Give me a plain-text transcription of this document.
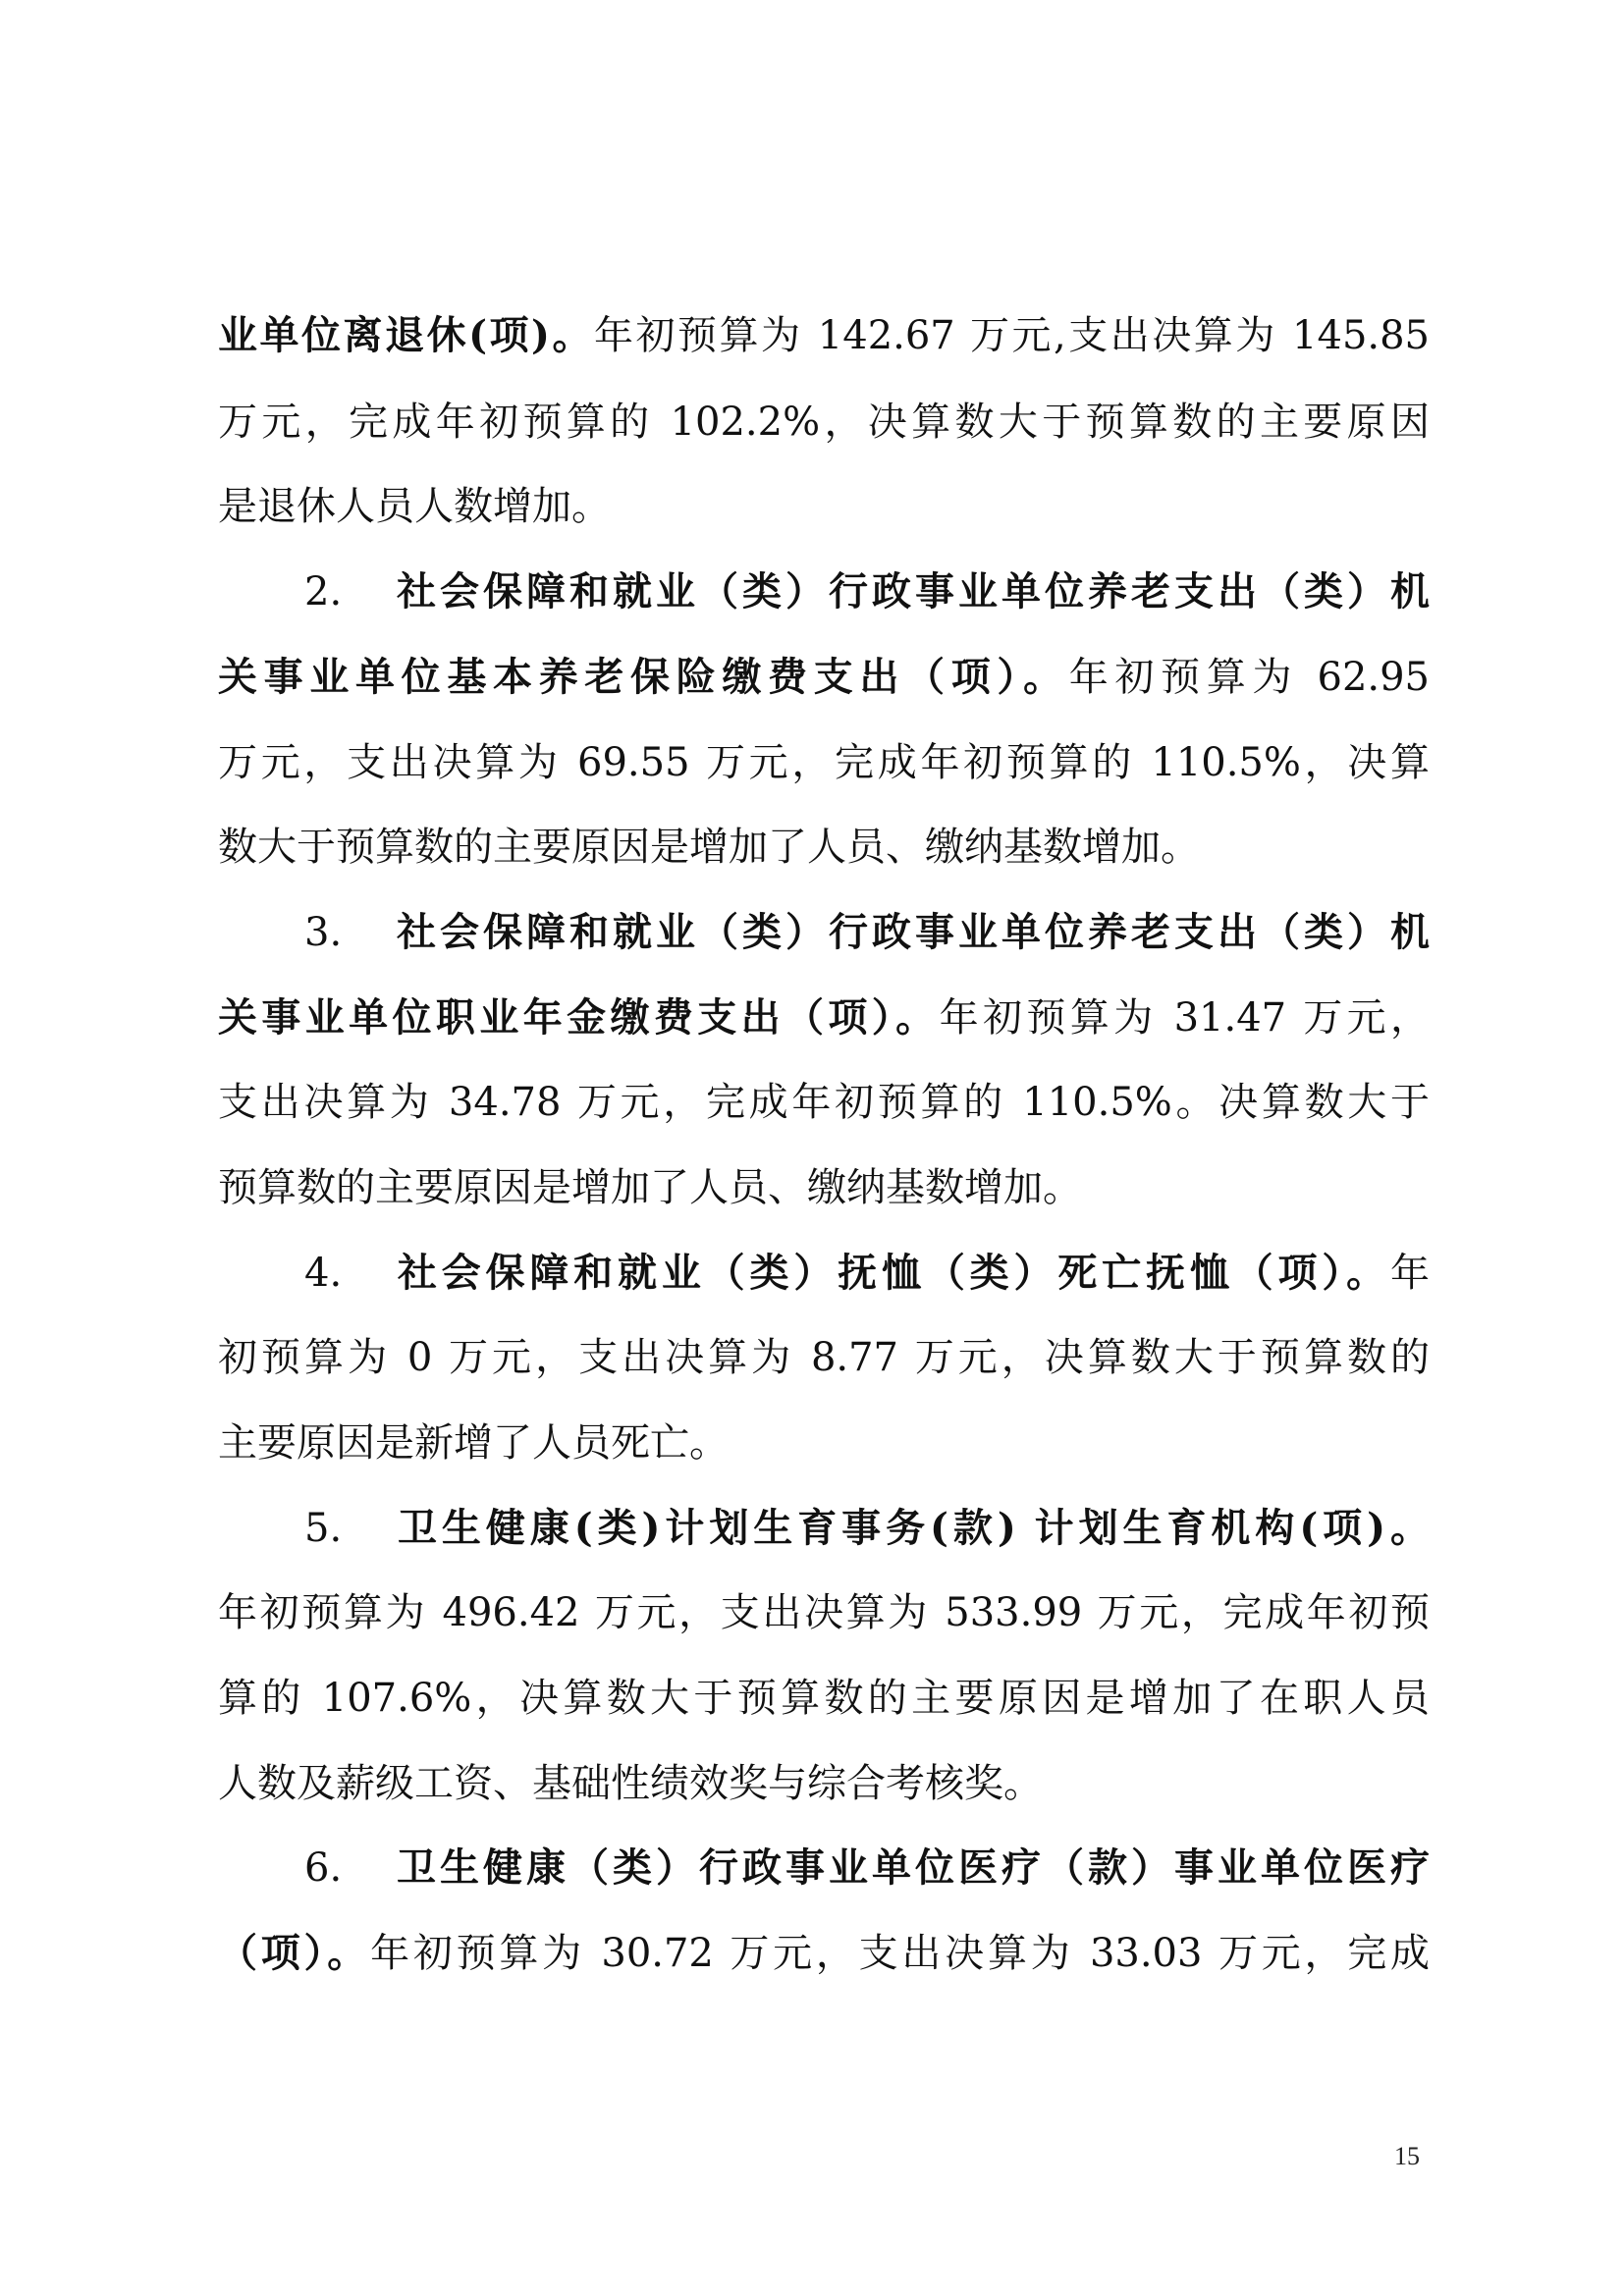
业单位离退休(项)。年初预算为 142.67 万元,支出决算为 145.85
万元，完成年初预算的 102.2%，决算数大于预算数的主要原因
是退休人员人数增加。
2. 社会保障和就业（类）行政事业单位养老支出（类）机
关事业单位基本养老保险缴费支出（项）。年初预算为 62.95
万元，支出决算为 69.55 万元，完成年初预算的 110.5%，决算
数大于预算数的主要原因是增加了人员、缴纳基数增加。
3. 社会保障和就业（类）行政事业单位养老支出（类）机
关事业单位职业年金缴费支出（项）。年初预算为 31.47 万元，
支出决算为 34.78 万元，完成年初预算的 110.5%。决算数大于
预算数的主要原因是增加了人员、缴纳基数增加。
4. 社会保障和就业（类）抚恤（类）死亡抚恤（项）。年
初预算为 0 万元，支出决算为 8.77 万元，决算数大于预算数的
主要原因是新增了人员死亡。
5. 卫生健康(类)计划生育事务(款) 计划生育机构(项)。
年初预算为 496.42 万元，支出决算为 533.99 万元，完成年初预
算的 107.6%，决算数大于预算数的主要原因是增加了在职人员
人数及薪级工资、基础性绩效奖与综合考核奖。
6. 卫生健康（类）行政事业单位医疗（款）事业单位医疗
（项）。年初预算为 30.72 万元，支出决算为 33.03 万元，完成
15
